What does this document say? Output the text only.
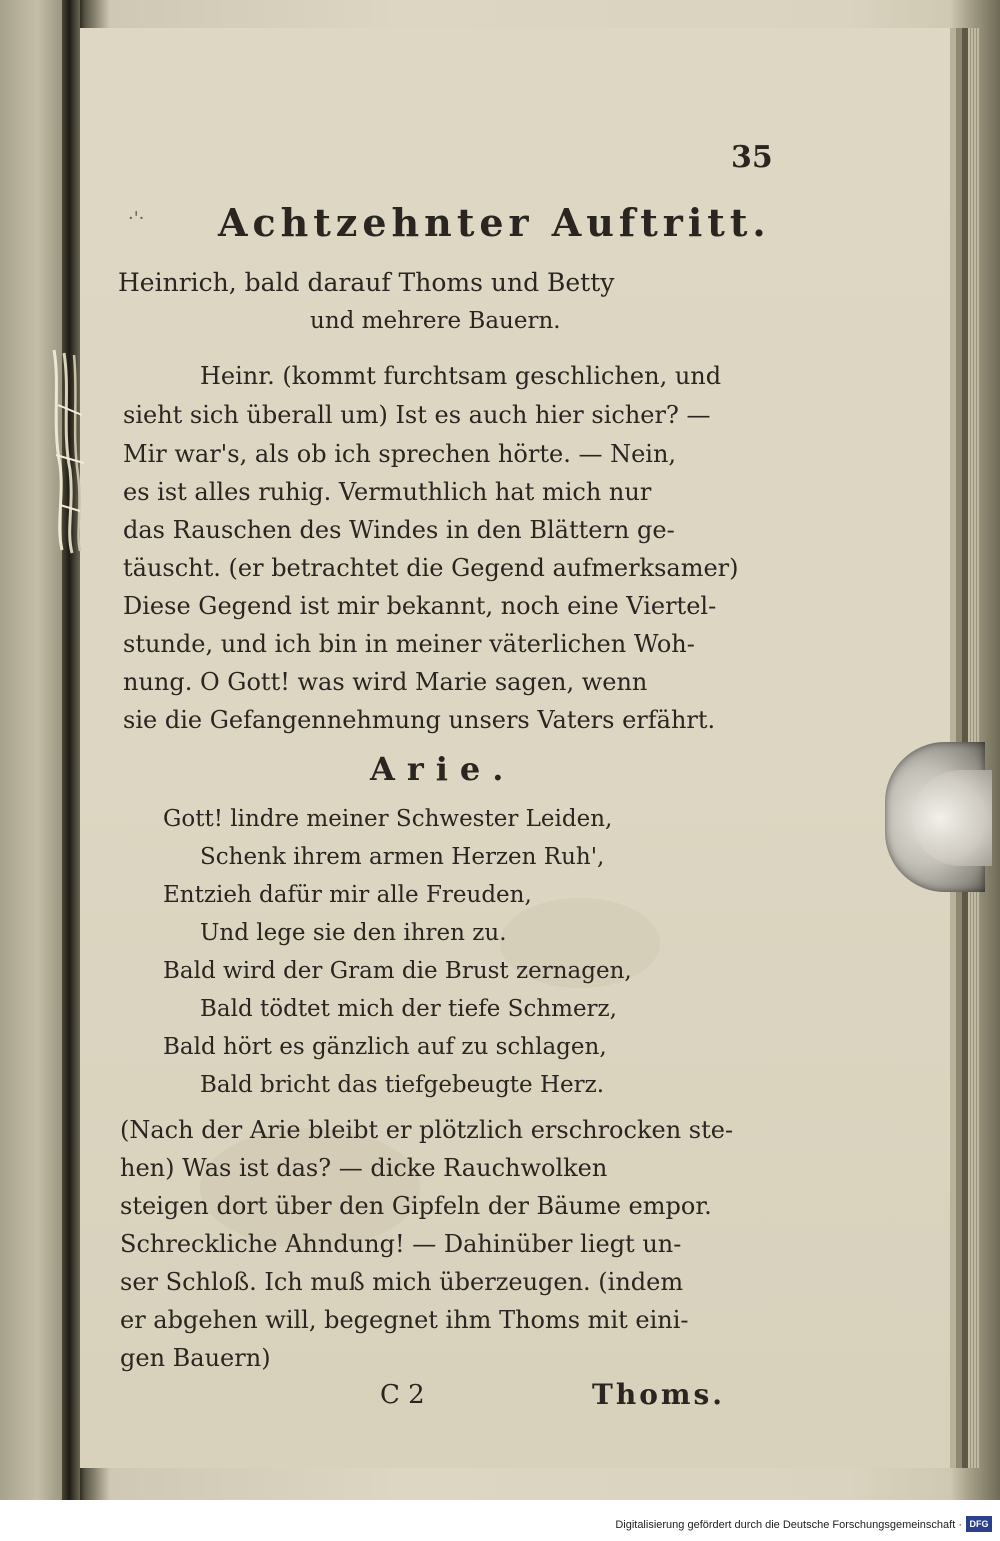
35
·'· Achtzehnter Auftritt.
Heinrich, bald darauf Thoms und Betty
und mehrere Bauern.
Heinr. (kommt furchtsam geschlichen, und
sieht sich überall um) Ist es auch hier sicher? —
Mir war's, als ob ich sprechen hörte. — Nein,
es ist alles ruhig. Vermuthlich hat mich nur
das Rauschen des Windes in den Blättern ge-
täuscht. (er betrachtet die Gegend aufmerksamer)
Diese Gegend ist mir bekannt, noch eine Viertel-
stunde, und ich bin in meiner väterlichen Woh-
nung. O Gott! was wird Marie sagen, wenn
sie die Gefangennehmung unsers Vaters erfährt.
Arie.
Gott! lindre meiner Schwester Leiden,
Schenk ihrem armen Herzen Ruh',
Entzieh dafür mir alle Freuden,
Und lege sie den ihren zu.
Bald wird der Gram die Brust zernagen,
Bald tödtet mich der tiefe Schmerz,
Bald hört es gänzlich auf zu schlagen,
Bald bricht das tiefgebeugte Herz.
(Nach der Arie bleibt er plötzlich erschrocken ste-
hen) Was ist das? — dicke Rauchwolken
steigen dort über den Gipfeln der Bäume empor.
Schreckliche Ahndung! — Dahinüber liegt un-
ser Schloß. Ich muß mich überzeugen. (indem
er abgehen will, begegnet ihm Thoms mit eini-
gen Bauern)
C 2	Thoms.
Digitalisierung gefördert durch die Deutsche Forschungsgemeinschaft · DFG
